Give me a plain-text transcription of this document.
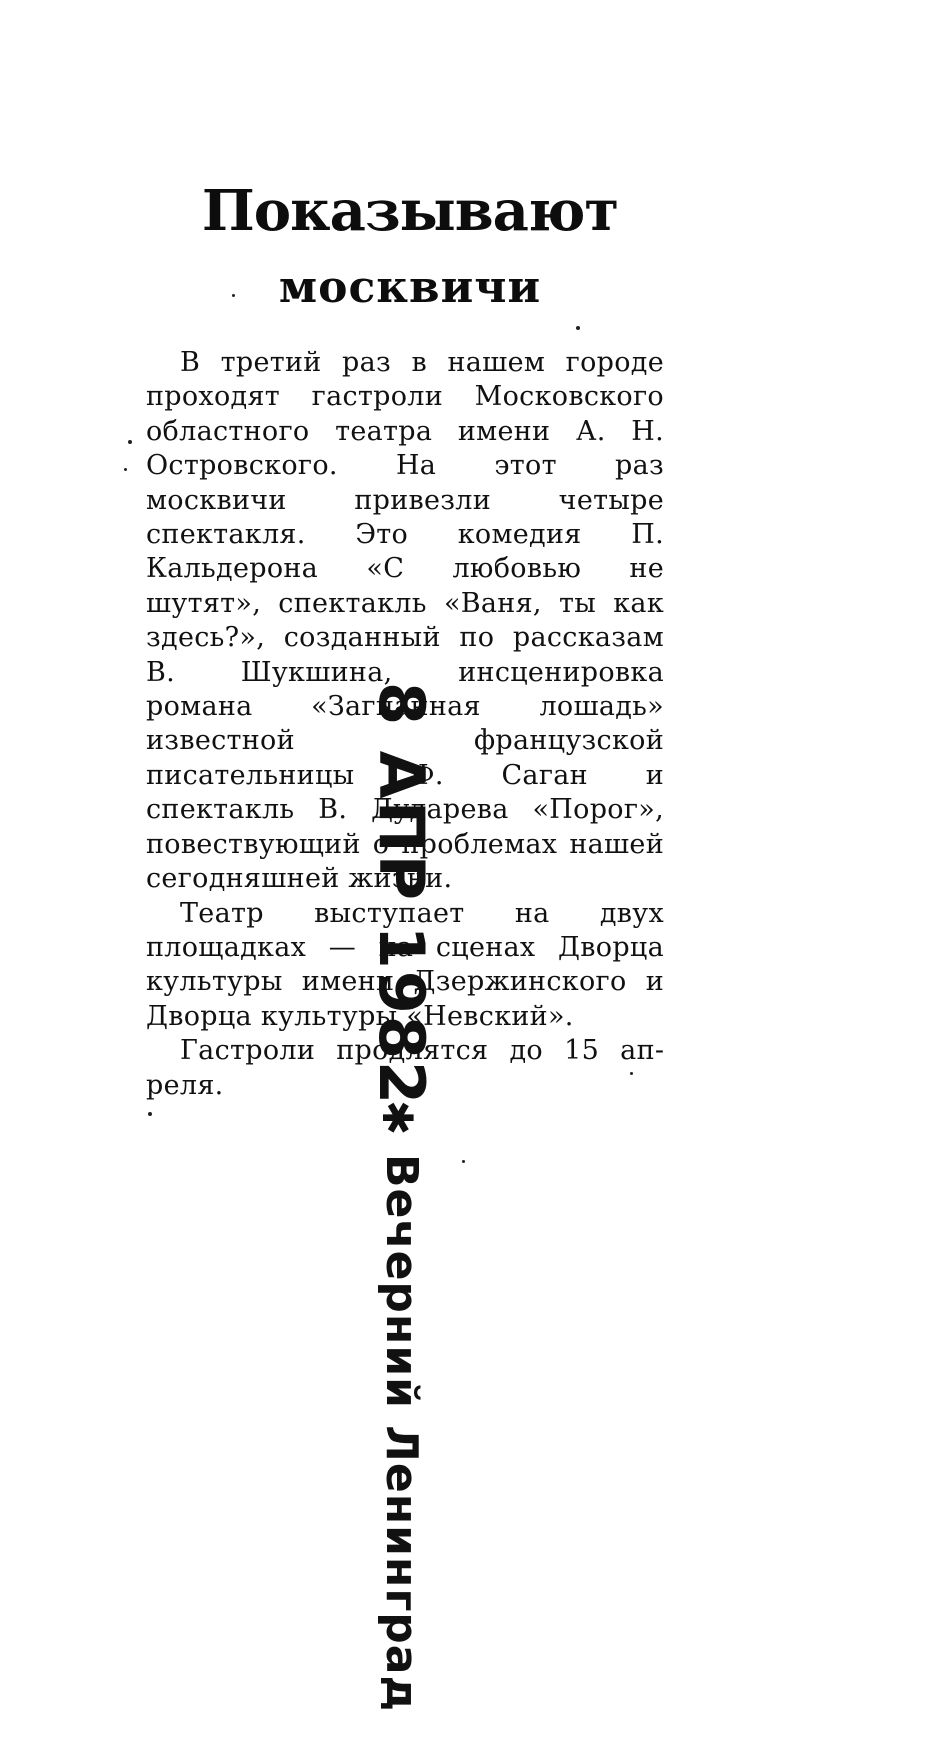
Показывают
москвичи

В третий раз в нашем городе проходят гастроли Московского областного театра имени А. Н. Островского. На этот раз москвичи привезли четыре спектакля. Это комедия П. Кальдерона «С любовью не шутят», спектакль «Ваня, ты как здесь?», созданный по рассказам В. Шукшина, инсценировка романа «Загнанная лошадь» известной французской писательницы Ф. Саган и спектакль В. Дударева «Порог», повествующий о проблемах нашей сегодняшней жизни.

Театр выступает на двух площадках — на сценах Дворца культуры имени Дзержинского и Дворца культуры «Невский».

Гастроли продлятся до 15 апреля.	8 АПР 1982
✱
Вечерний Ленинград
